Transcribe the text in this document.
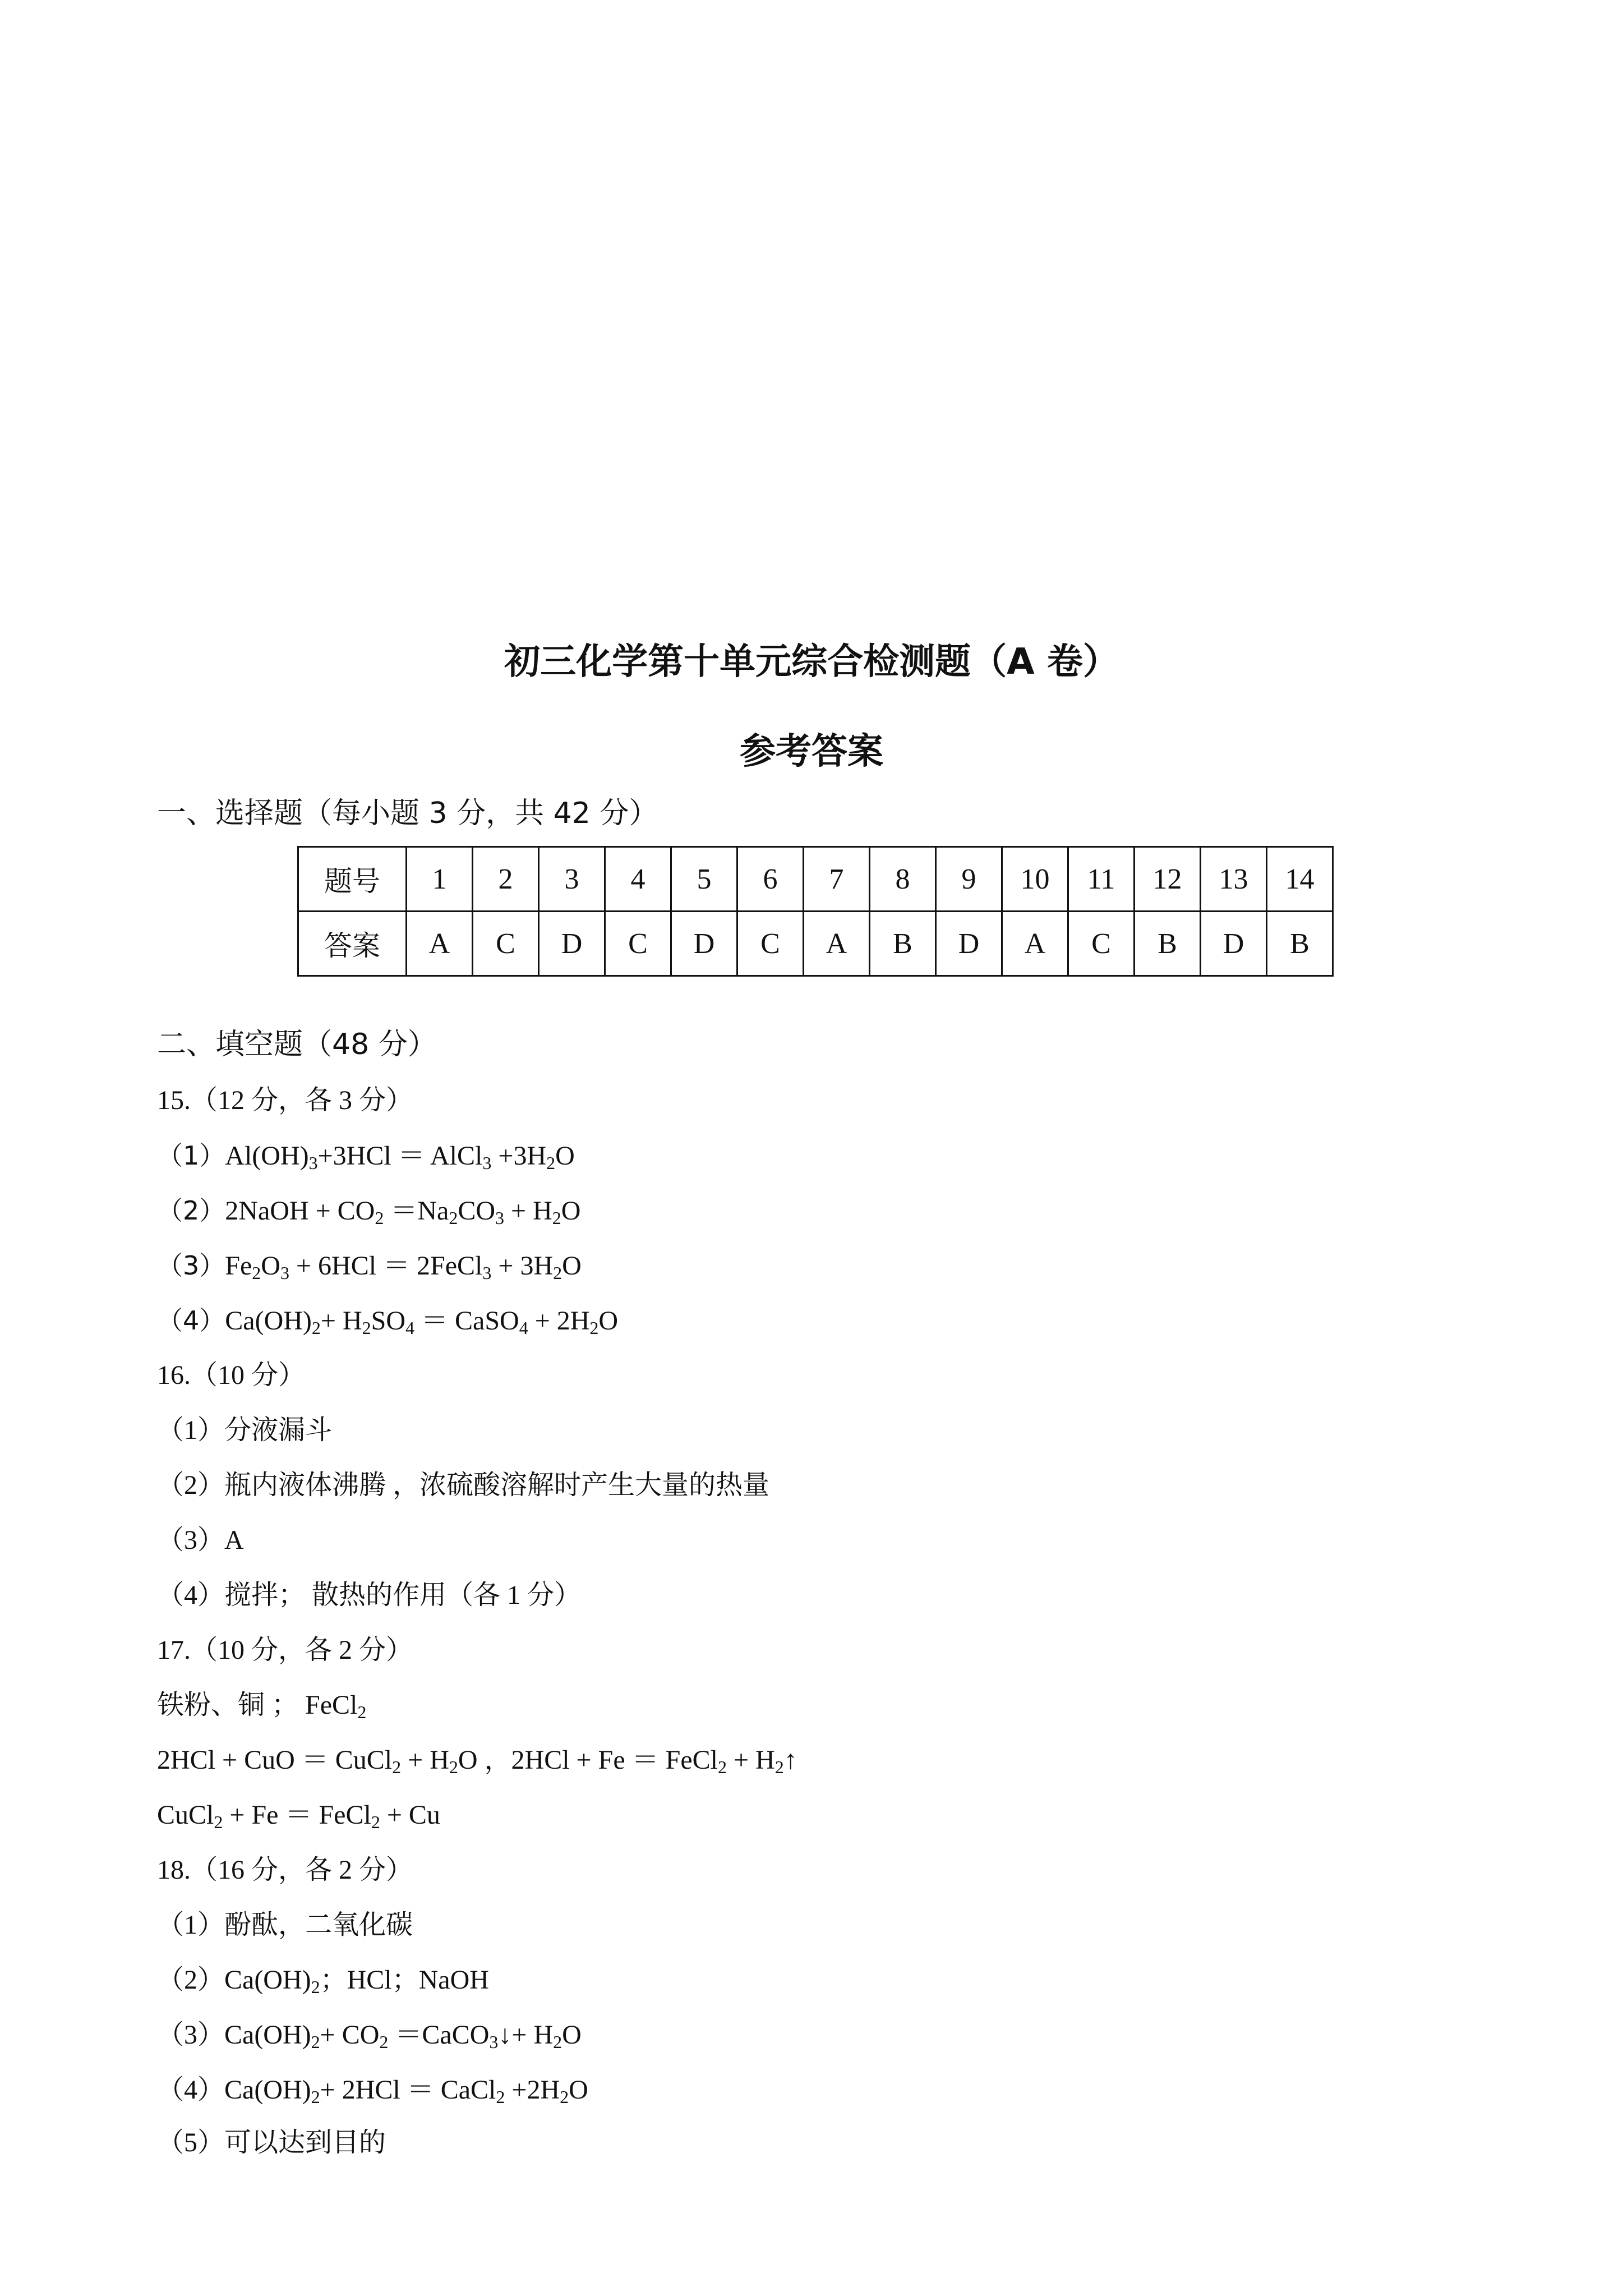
初三化学第十单元综合检测题（A 卷）
参考答案
一、选择题（每小题 3 分，共 42 分）
题号	1	2	3	4	5	6	7	8	9	10	11	12	13	14
答案	A	C	D	C	D	C	A	B	D	A	C	B	D	B
二、填空题（48 分）
15.（12 分，各 3 分）
$(1)Al(OH)_3+3HCl$ ＝ AlCl$_3$ $+3H_2O$
（2）2NaOH + $CO_2 =Na_2CO_3 + H_2O$
$(3)Fe_2O_3 + 6HCl$ ＝ 2FeCl$_3$ + $3H_2O$
$(4)Ca(OH)_2+ H_2SO_4$ ＝ CaSO$_4$ + $2H_2O$
16.（10 分）
（1）分液漏斗
（2）瓶内液体沸腾 ，浓硫酸溶解时产生大量的热量
（3）A
（4）搅拌； 散热的作用（各 1 分）
17.（10 分，各 2 分）
铁粉、铜 ； FeCl$_2$
2HCl + CuO ＝ CuCl$_2$ + $H_2O$ ，2HCl + Fe ＝ FeCl$_2$ + $H_2↑$
CuCl$_2$ + Fe ＝ FeCl$_2$ + Cu
18.（16 分，各 2 分）
（1）酚酞，二氧化碳
$(2)Ca(OH)_2$；HCl；NaOH
$(3)Ca(OH)_2+ CO_2$ ＝CaCO$_3$↓+ $H_2O$
$(4)Ca(OH)_2+ 2HCl$ ＝ CaCl$_2$ $+2H_2O$
（5）可以达到目的
